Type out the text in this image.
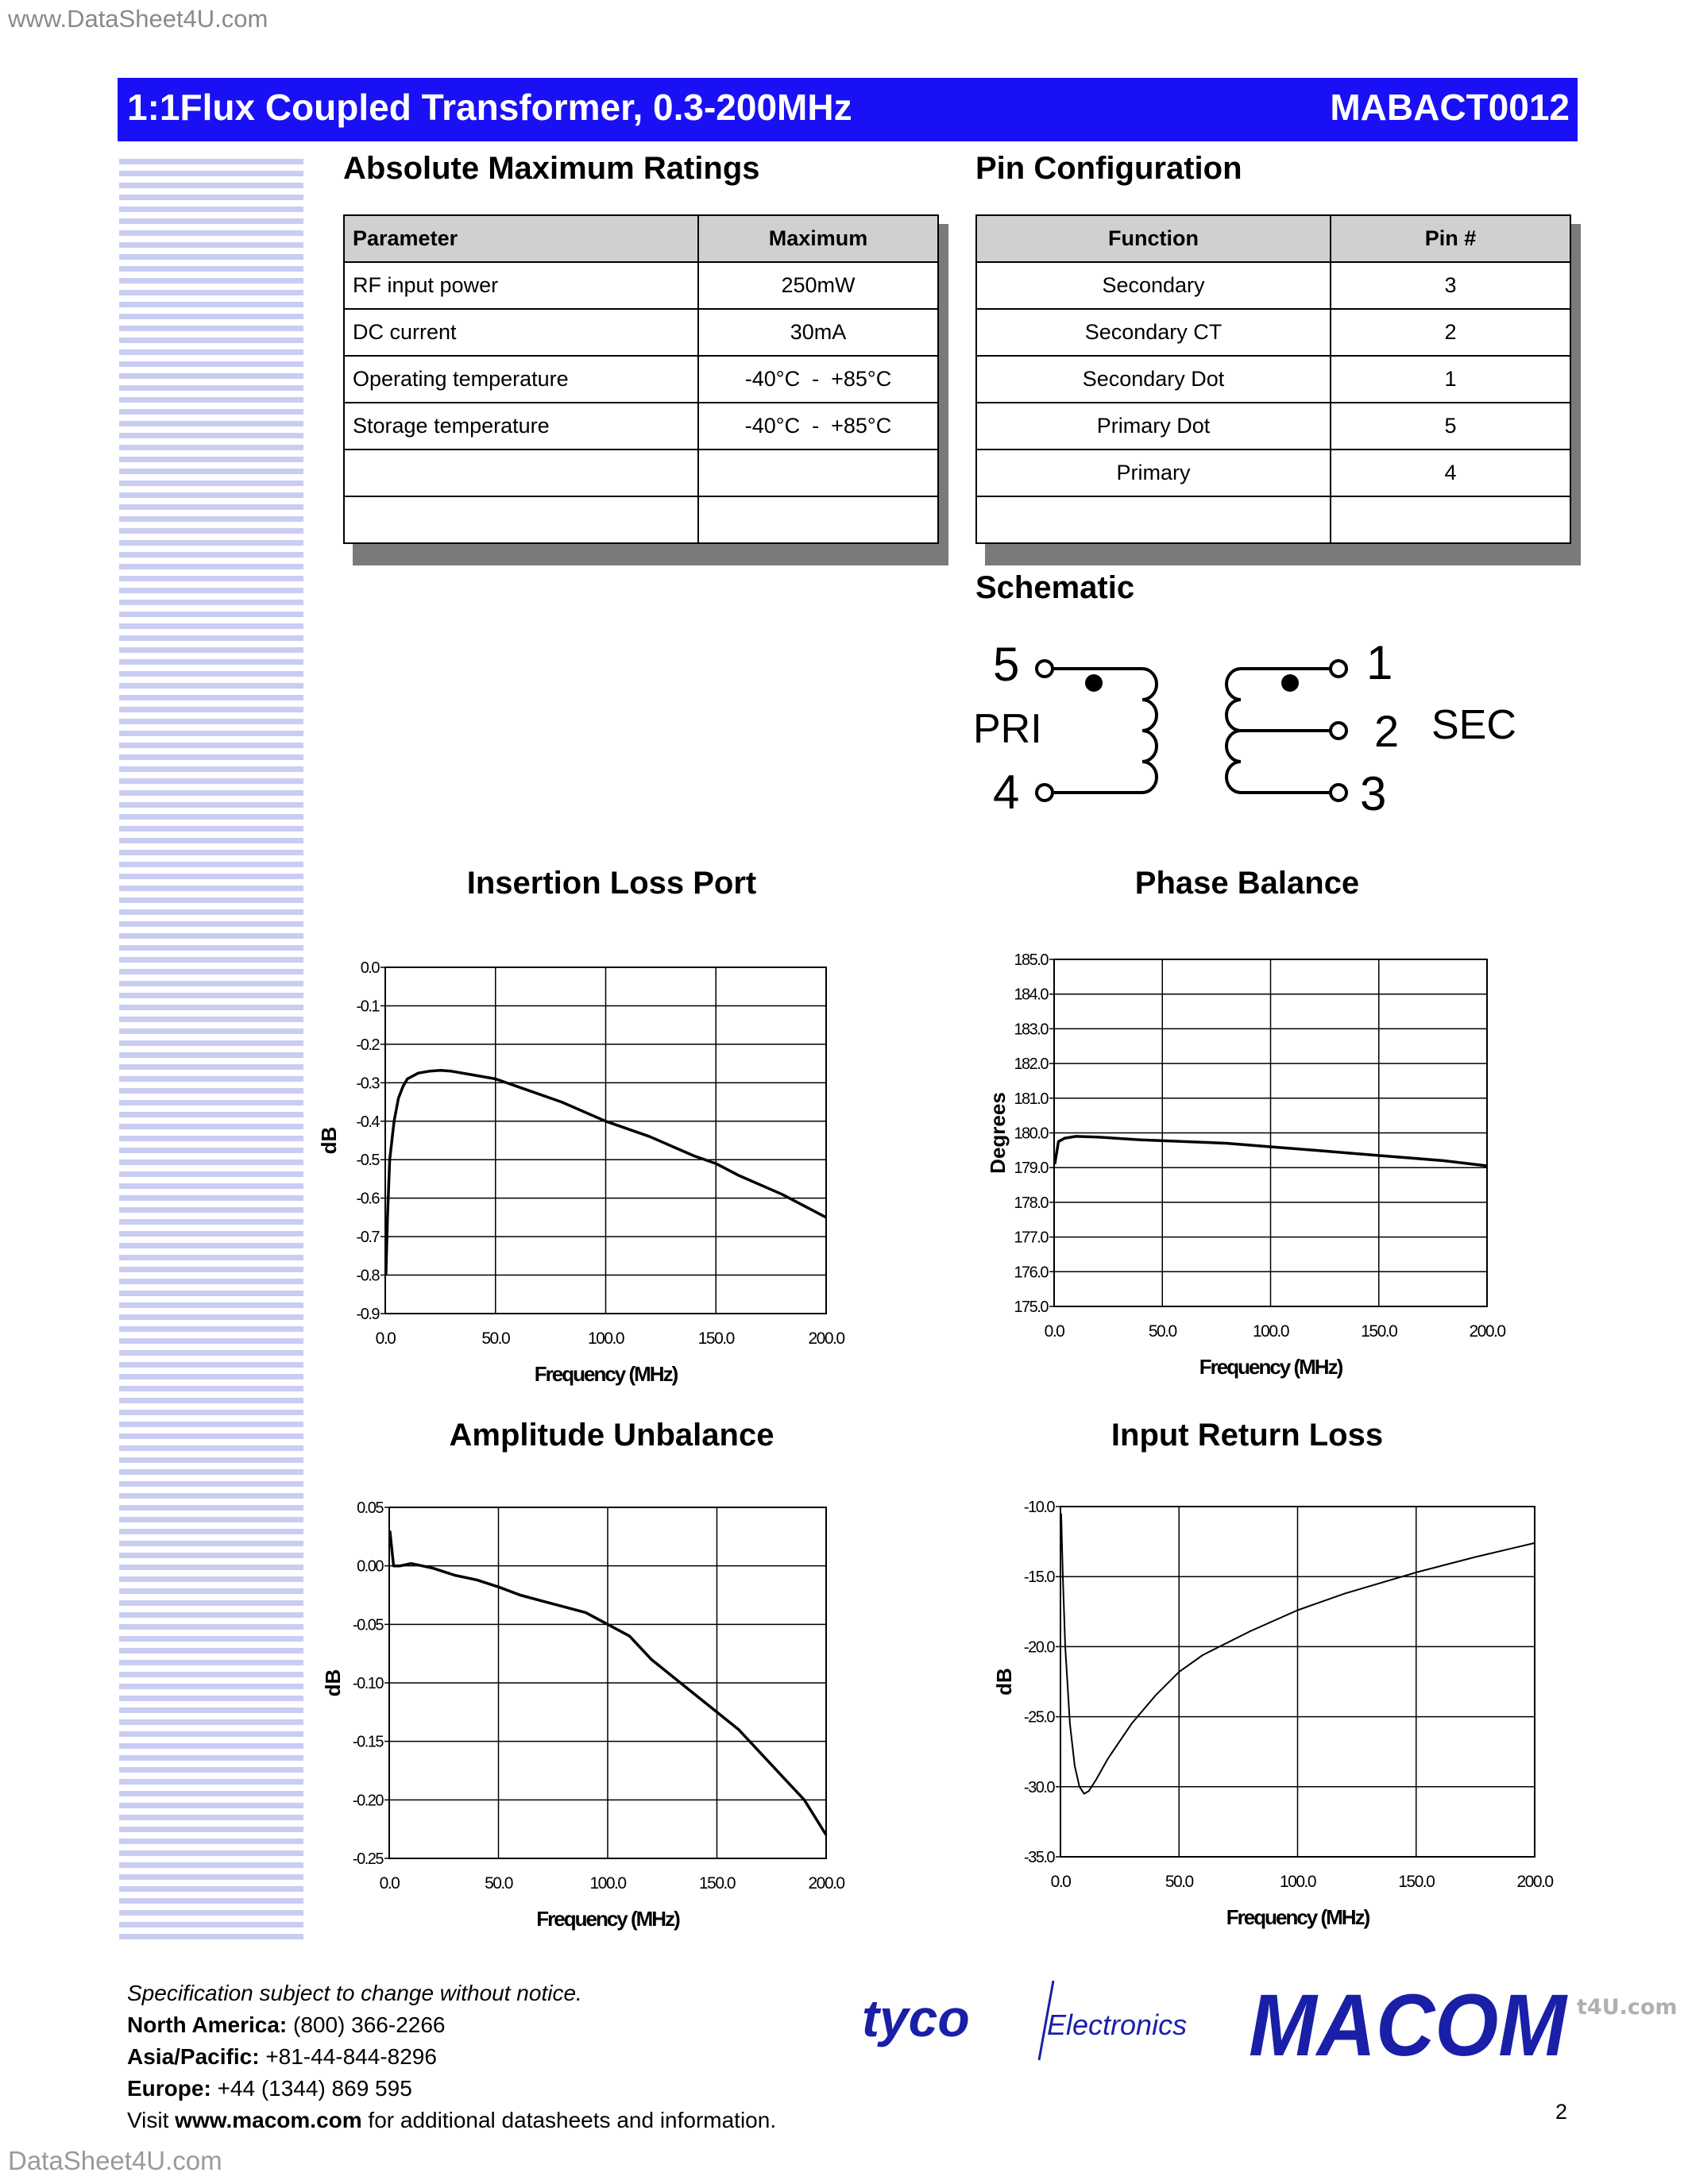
www.DataSheet4U.com
t4U.com
DataSheet4U.com
1:1Flux Coupled Transformer, 0.3-200MHz	MABACT0012
Absolute Maximum Ratings
Parameter	Maximum
RF input power	250mW
DC current	30mA
Operating temperature	-40°C  -  +85°C
Storage temperature	-40°C  -  +85°C

Pin Configuration
Function	Pin #
Secondary	3
Secondary CT	2
Secondary Dot	1
Primary Dot	5
Primary	4

Schematic
5
PRI
4
1
2 SEC
3
Insertion Loss Port	Phase Balance
Amplitude Unbalance	Input Return Loss
0.0	50.0	100.0	150.0	200.0
0.0
-0.1
-0.2
-0.3
-0.4
-0.5
-0.6
-0.7
-0.8
-0.9
Frequency (MHz)
dB
0.0	50.0	100.0	150.0	200.0
185.0
184.0
183.0
182.0
181.0
180.0
179.0
178.0
177.0
176.0
175.0
Frequency (MHz)
Degrees
0.0	50.0	100.0	150.0	200.0
0.05
0.00
-0.05
-0.10
-0.15
-0.20
-0.25
Frequency (MHz)
dB
0.0	50.0	100.0	150.0	200.0
-10.0
-15.0
-20.0
-25.0
-30.0
-35.0
Frequency (MHz)
dB
Specification subject to change without notice.
North America: (800) 366-2266
Asia/Pacific: +81-44-844-8296
Europe: +44 (1344) 869 595
Visit www.macom.com for additional datasheets and information.
tyco	Electronics MACOM
2
